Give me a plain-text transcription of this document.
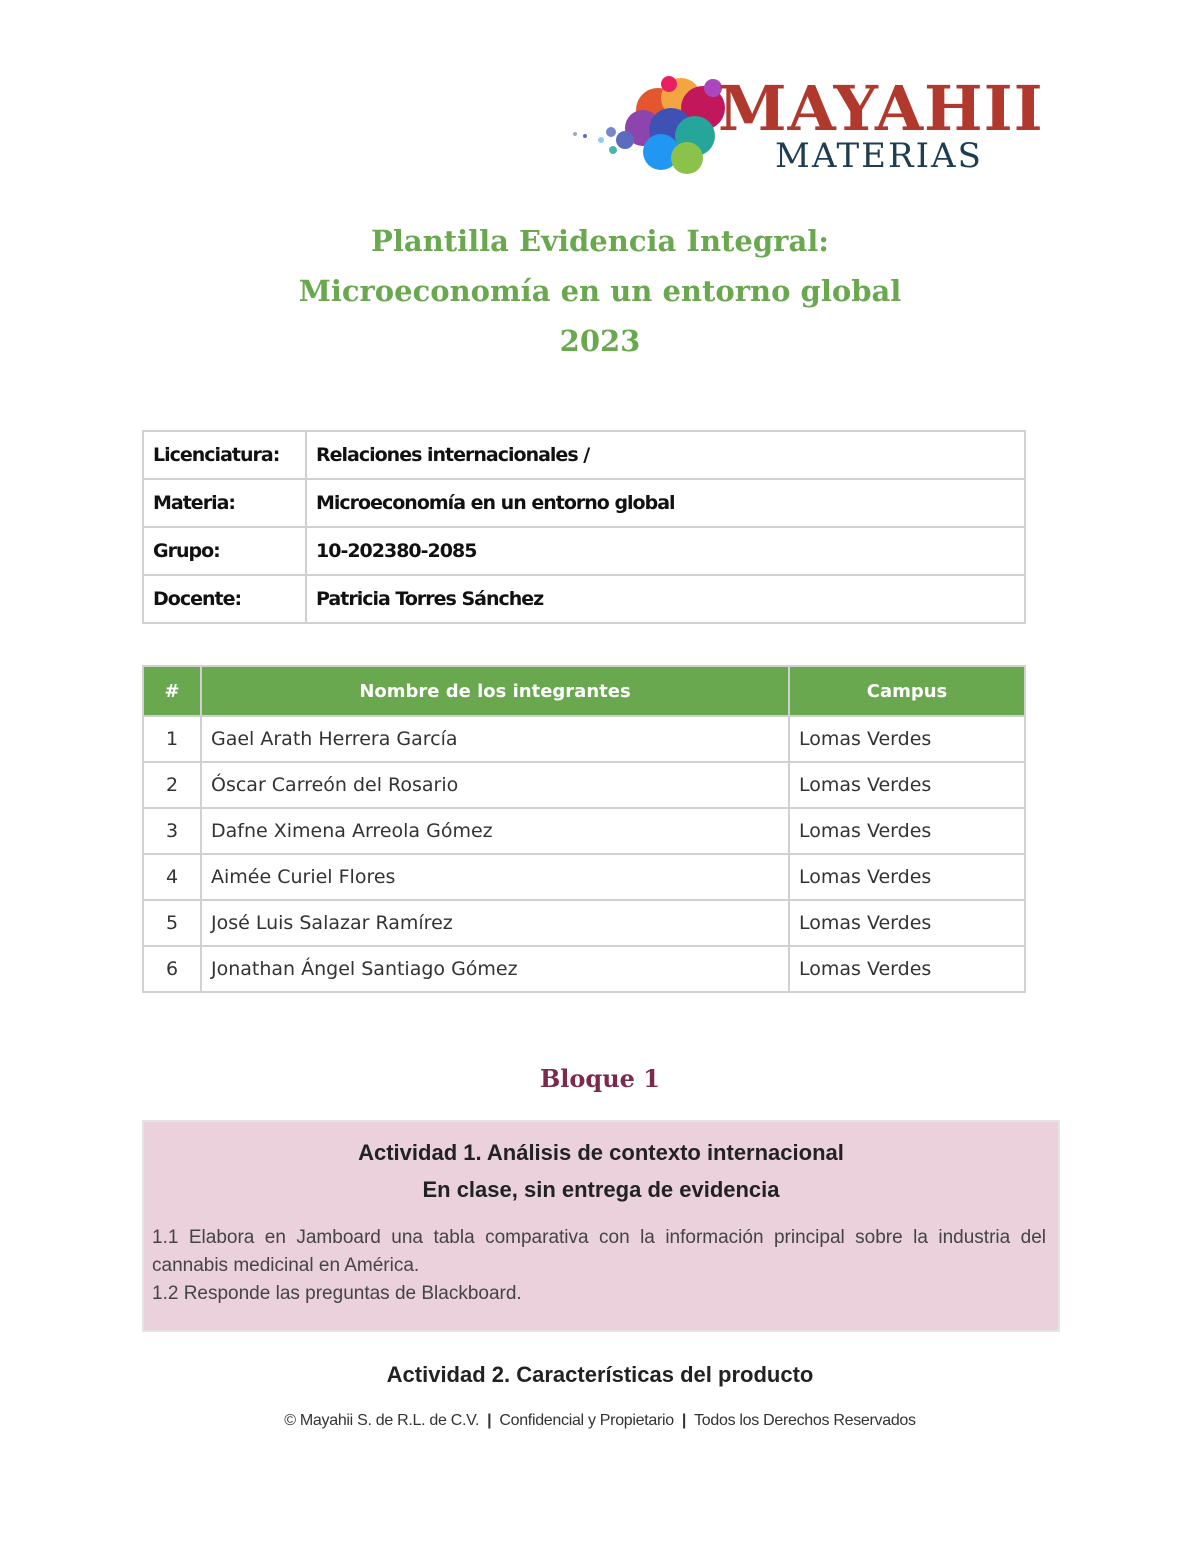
MAYAHII
MATERIAS
Plantilla Evidencia Integral:
Microeconomía en un entorno global
2023
Licenciatura:	Relaciones internacionales /
Materia:	Microeconomía en un entorno global
Grupo:	10-202380-2085
Docente:	Patricia Torres Sánchez
#	Nombre de los integrantes	Campus
1	Gael Arath Herrera García	Lomas Verdes
2	Óscar Carreón del Rosario	Lomas Verdes
3	Dafne Ximena Arreola Gómez	Lomas Verdes
4	Aimée Curiel Flores	Lomas Verdes
5	José Luis Salazar Ramírez	Lomas Verdes
6	Jonathan Ángel Santiago Gómez	Lomas Verdes
Bloque 1
Actividad 1. Análisis de contexto internacional
En clase, sin entrega de evidencia
1.1 Elabora en Jamboard una tabla comparativa con la información principal sobre la industria del cannabis medicinal en América.
1.2 Responde las preguntas de Blackboard.
Actividad 2. Características del producto
© Mayahii S. de R.L. de C.V. | Confidencial y Propietario | Todos los Derechos Reservados
